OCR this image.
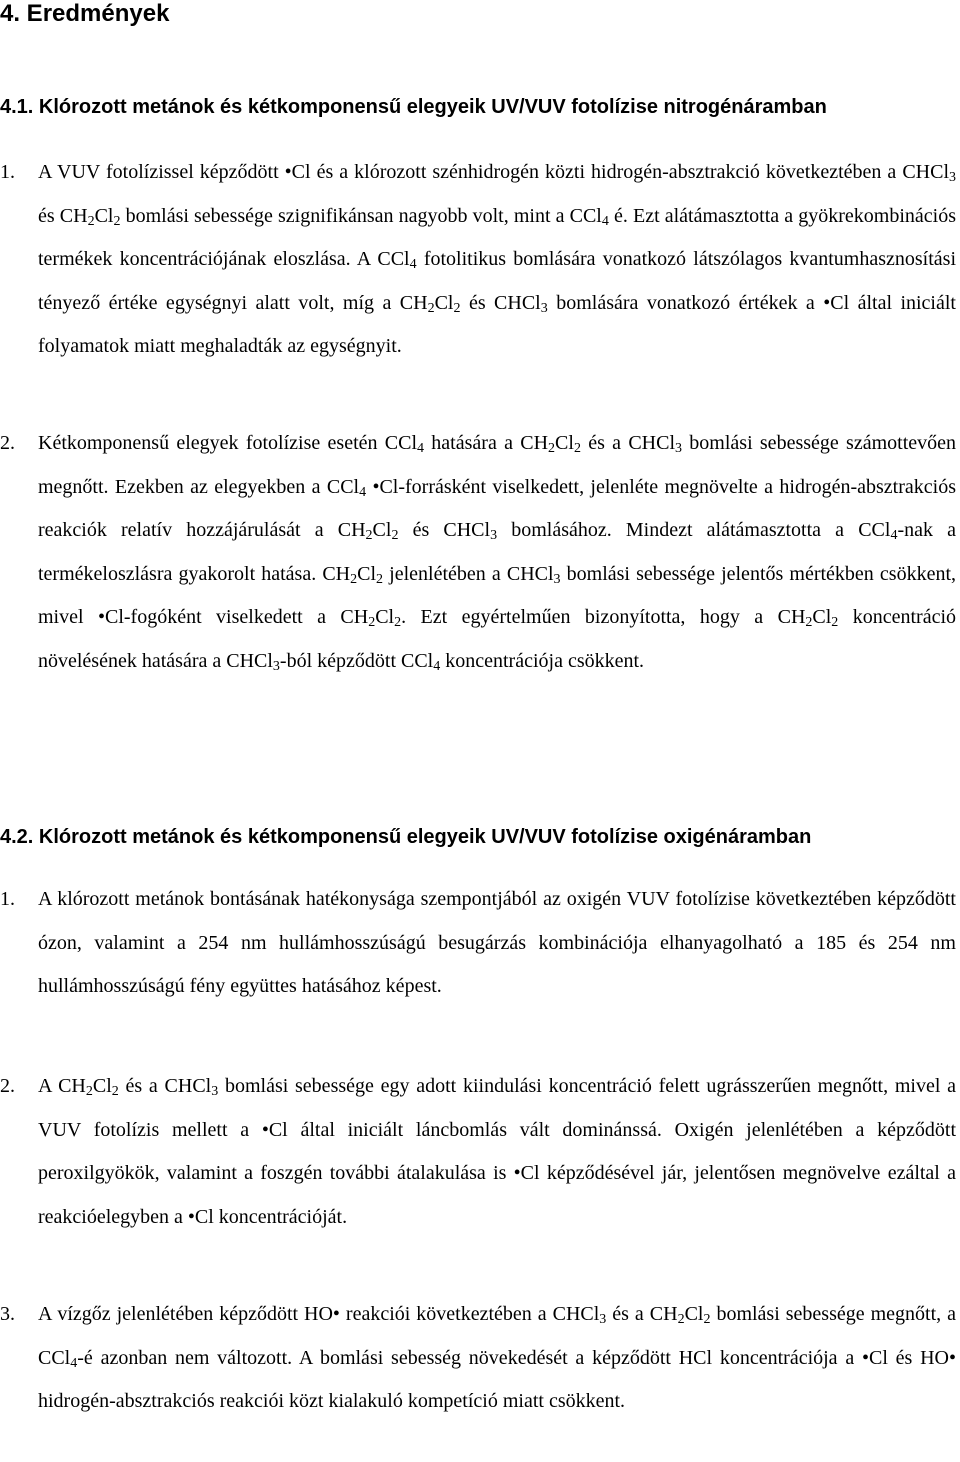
4. Eredmények
4.1. Klórozott metánok és kétkomponensű elegyeik UV/VUV fotolízise nitrogénáramban
1.	A VUV fotolízissel képződött •Cl és a klórozott szénhidrogén közti hidrogén-absztrakció következtében a CHCl$_3$ és $CH_2Cl_2$ bomlási sebessége szignifikánsan nagyobb volt, mint a CCl$_4$ é. Ezt alátámasztotta a gyökrekombinációs termékek koncentrációjának eloszlása. A CCl$_4$ fotolitikus bomlására vonatkozó látszólagos kvantumhasznosítási tényező értéke egységnyi alatt volt, míg a $CH_2Cl_2$ és CHCl$_3$ bomlására vonatkozó értékek a •Cl által iniciált folyamatok miatt meghaladták az egységnyit.
2.	Kétkomponensű elegyek fotolízise esetén CCl$_4$ hatására a $CH_2Cl_2$ és a CHCl$_3$ bomlási sebessége számottevően megnőtt. Ezekben az elegyekben a CCl$_4$ •Cl-forrásként viselkedett, jelenléte megnövelte a hidrogén-absztrakciós reakciók relatív hozzájárulását a $CH_2Cl_2$ és CHCl$_3$ bomlásához. Mindezt alátámasztotta a CCl$_4$-nak a termékeloszlásra gyakorolt hatása. $CH_2Cl_2$ jelenlétében a CHCl$_3$ bomlási sebessége jelentős mértékben csökkent, mivel •Cl-fogóként viselkedett a $CH_2Cl_2$. Ezt egyértelműen bizonyította, hogy a $CH_2Cl_2$ koncentráció növelésének hatására a CHCl$_3$-ból képződött CCl$_4$ koncentrációja csökkent.
4.2. Klórozott metánok és kétkomponensű elegyeik UV/VUV fotolízise oxigénáramban
1.	A klórozott metánok bontásának hatékonysága szempontjából az oxigén VUV fotolízise következtében képződött ózon, valamint a 254 nm hullámhosszúságú besugárzás kombinációja elhanyagolható a 185 és 254 nm hullámhosszúságú fény együttes hatásához képest.
2.	A $CH_2Cl_2$ és a CHCl$_3$ bomlási sebessége egy adott kiindulási koncentráció felett ugrásszerűen megnőtt, mivel a VUV fotolízis mellett a •Cl által iniciált láncbomlás vált dominánssá. Oxigén jelenlétében a képződött peroxilgyökök, valamint a foszgén további átalakulása is •Cl képződésével jár, jelentősen megnövelve ezáltal a reakcióelegyben a •Cl koncentrációját.
3.	A vízgőz jelenlétében képződött HO• reakciói következtében a CHCl$_3$ és a $CH_2Cl_2$ bomlási sebessége megnőtt, a CCl$_4$-é azonban nem változott. A bomlási sebesség növekedését a képződött HCl koncentrációja a •Cl és HO• hidrogén-absztrakciós reakciói közt kialakuló kompetíció miatt csökkent.
